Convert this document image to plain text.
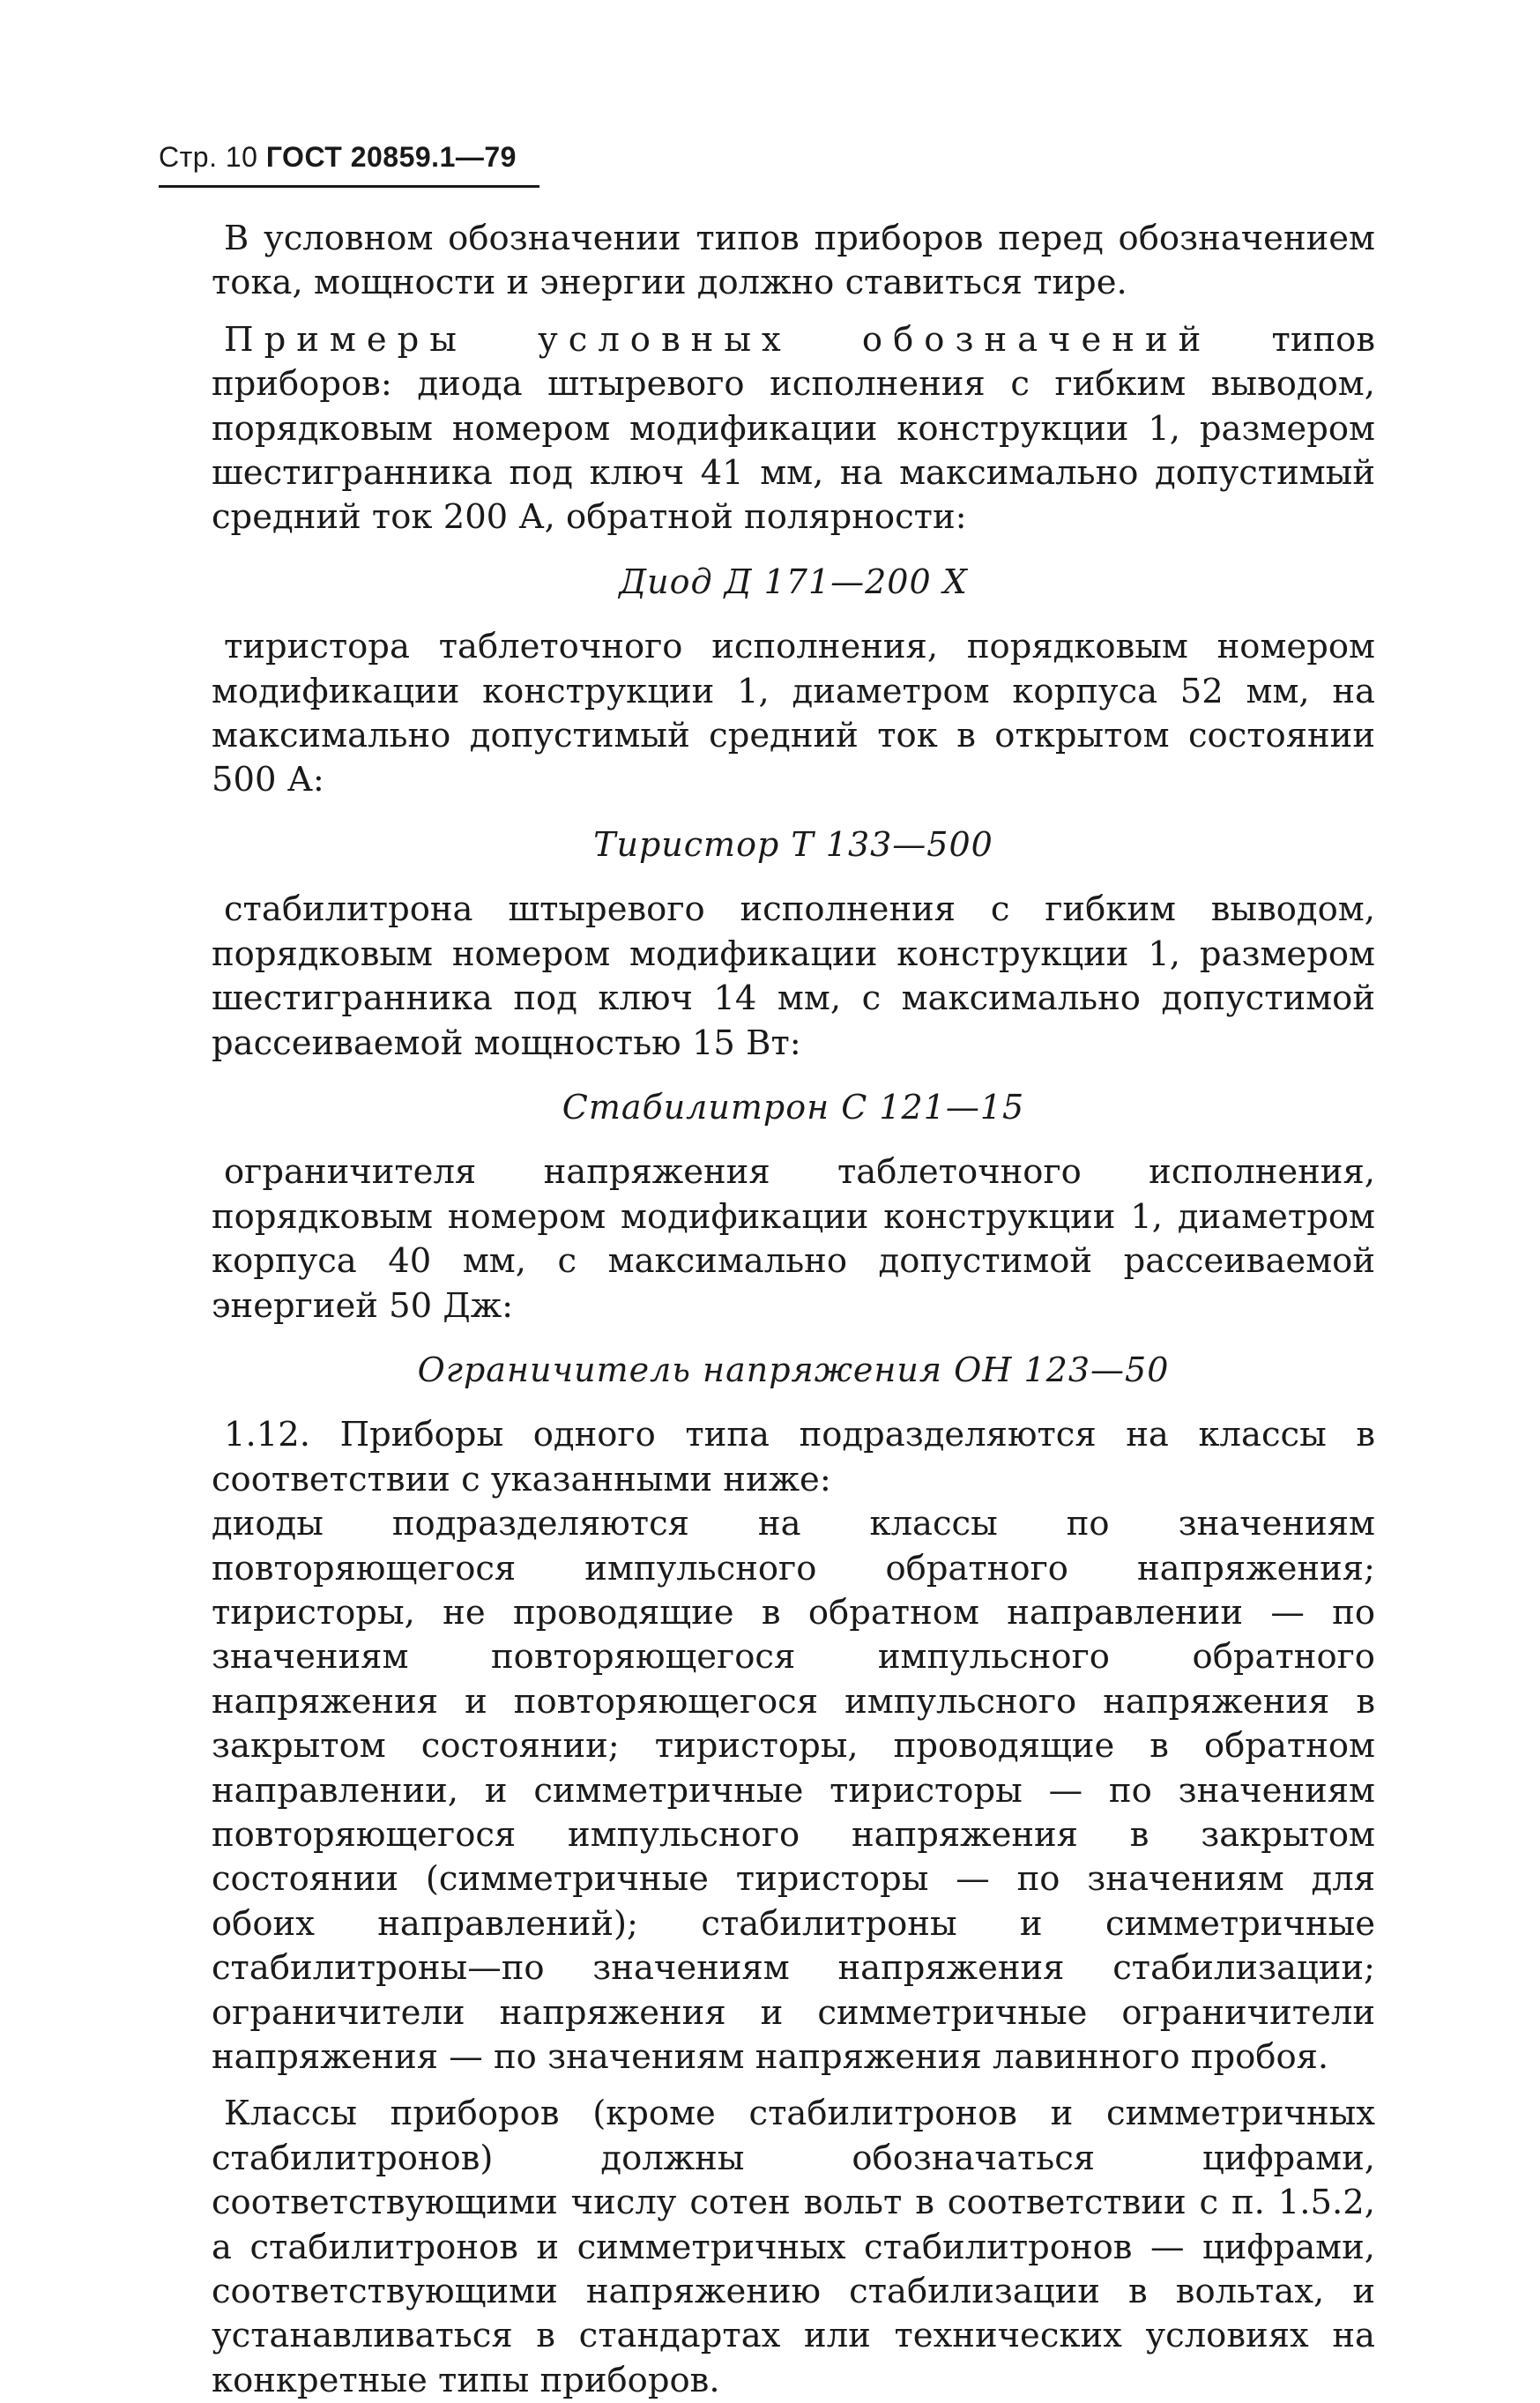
Стр. 10 ГОСТ 20859.1—79

В условном обозначении типов приборов перед обозначением тока, мощности и энергии должно ставиться тире.

Примеры условных обозначений типов приборов: диода штыревого исполнения с гибким выводом, порядковым номером модификации конструкции 1, размером шестигранника под ключ 41 мм, на максимально допустимый средний ток 200 А, обратной полярности:

Диод Д 171—200 Х

тиристора таблеточного исполнения, порядковым номером модификации конструкции 1, диаметром корпуса 52 мм, на максимально допустимый средний ток в открытом состоянии 500 А:

Тиристор Т 133—500

стабилитрона штыревого исполнения с гибким выводом, порядковым номером модификации конструкции 1, размером шестигранника под ключ 14 мм, с максимально допустимой рассеиваемой мощностью 15 Вт:

Стабилитрон С 121—15

ограничителя напряжения таблеточного исполнения, порядковым номером модификации конструкции 1, диаметром корпуса 40 мм, с максимально допустимой рассеиваемой энергией 50 Дж:

Ограничитель напряжения ОН 123—50

1.12. Приборы одного типа подразделяются на классы в соответствии с указанными ниже:

диоды подразделяются на классы по значениям повторяющегося импульсного обратного напряжения; тиристоры, не проводящие в обратном направлении — по значениям повторяющегося импульсного обратного напряжения и повторяющегося импульсного напряжения в закрытом состоянии; тиристоры, проводящие в обратном направлении, и симметричные тиристоры — по значениям повторяющегося импульсного напряжения в закрытом состоянии (симметричные тиристоры — по значениям для обоих направлений); стабилитроны и симметричные стабилитроны—по значениям напряжения стабилизации; ограничители напряжения и симметричные ограничители напряжения — по значениям напряжения лавинного пробоя.

Классы приборов (кроме стабилитронов и симметричных стабилитронов) должны обозначаться цифрами, соответствующими числу сотен вольт в соответствии с п. 1.5.2, а стабилитронов и симметричных стабилитронов — цифрами, соответствующими напряжению стабилизации в вольтах, и устанавливаться в стандартах или технических условиях на конкретные типы приборов.
